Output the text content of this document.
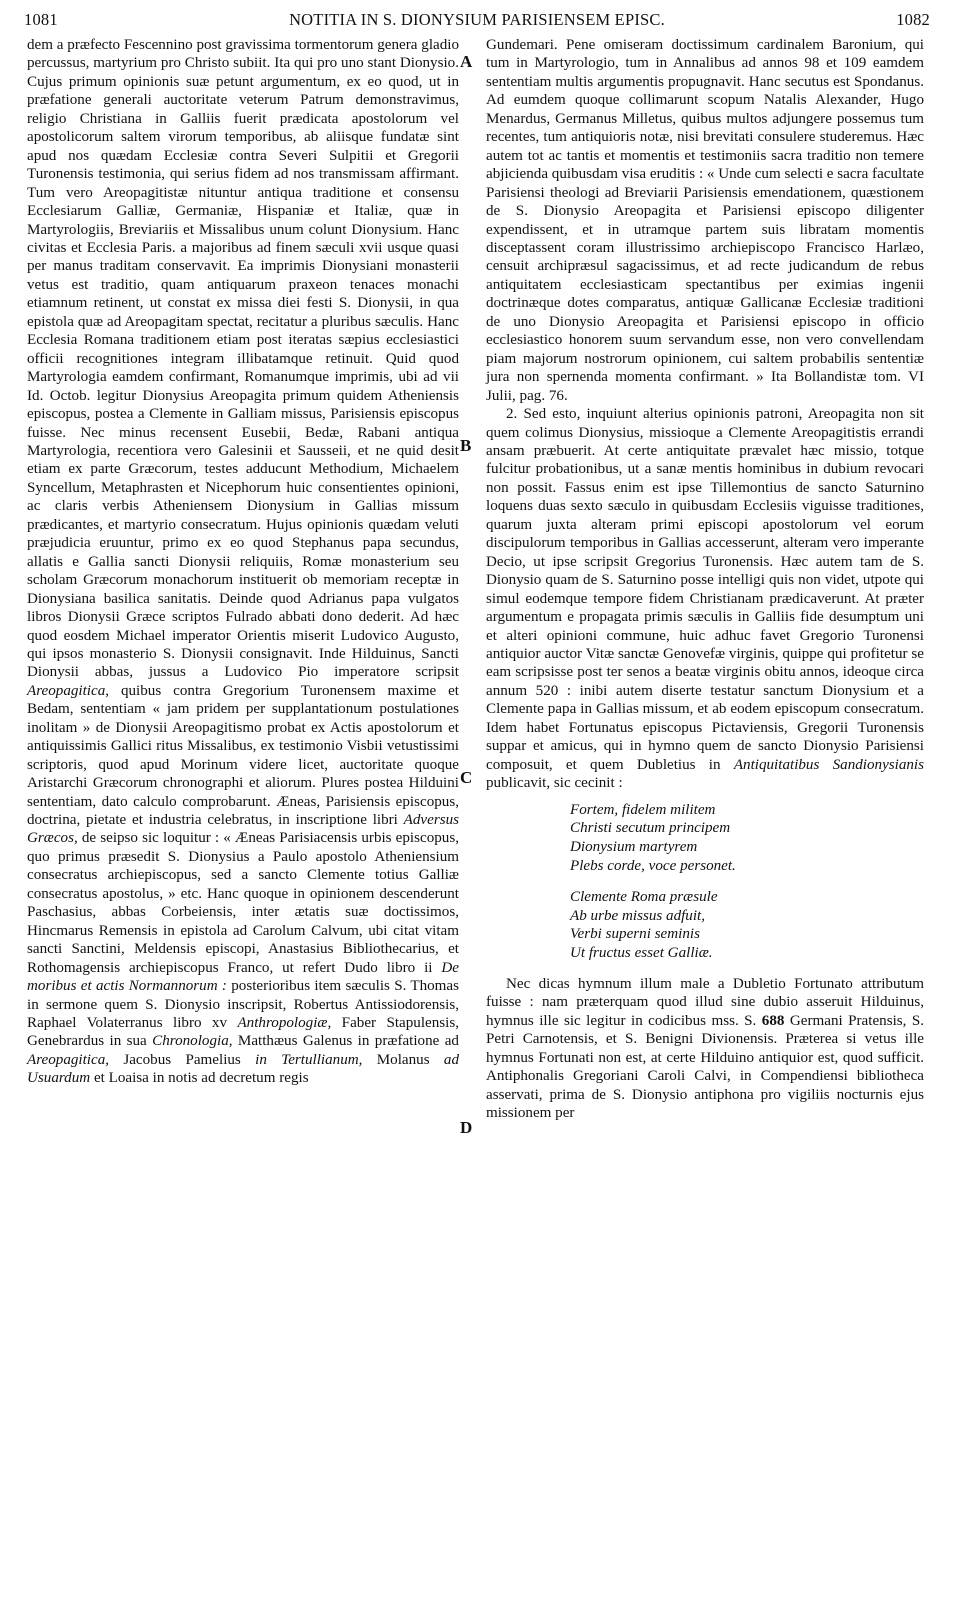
1081	NOTITIA IN S. DIONYSIUM PARISIENSEM EPISC.	1082
A
B
C
D

dem a præfecto Fescennino post gravissima tormentorum genera gladio percussus, martyrium pro Christo subiit. Ita qui pro uno stant Dionysio. Cujus primum opinionis suæ petunt argumentum, ex eo quod, ut in præfatione generali auctoritate veterum Patrum demonstravimus, religio Christiana in Galliis fuerit prædicata apostolorum vel apostolicorum saltem virorum temporibus, ab aliisque fundatæ sint apud nos quædam Ecclesiæ contra Severi Sulpitii et Gregorii Turonensis testimonia, qui serius fidem ad nos transmissam affirmant. Tum vero Areopagitistæ nituntur antiqua traditione et consensu Ecclesiarum Galliæ, Germaniæ, Hispaniæ et Italiæ, quæ in Martyrologiis, Breviariis et Missalibus unum colunt Dionysium. Hanc civitas et Ecclesia Paris. a majoribus ad finem sæculi xvii usque quasi per manus traditam conservavit. Ea imprimis Dionysiani monasterii vetus est traditio, quam antiquarum praxeon tenaces monachi etiamnum retinent, ut constat ex missa diei festi S. Dionysii, in qua epistola quæ ad Areopagitam spectat, recitatur a pluribus sæculis. Hanc Ecclesia Romana traditionem etiam post iteratas sæpius ecclesiastici officii recognitiones integram illibatamque retinuit. Quid quod Martyrologia eamdem confirmant, Romanumque imprimis, ubi ad vii Id. Octob. legitur Dionysius Areopagita primum quidem Atheniensis episcopus, postea a Clemente in Galliam missus, Parisiensis episcopus fuisse. Nec minus recensent Eusebii, Bedæ, Rabani antiqua Martyrologia, recentiora vero Galesinii et Sausseii, et ne quid desit etiam ex parte Græcorum, testes adducunt Methodium, Michaelem Syncellum, Metaphrasten et Nicephorum huic consentientes opinioni, ac claris verbis Atheniensem Dionysium in Gallias missum prædicantes, et martyrio consecratum. Hujus opinionis quædam veluti præjudicia eruuntur, primo ex eo quod Stephanus papa secundus, allatis e Gallia sancti Dionysii reliquiis, Romæ monasterium seu scholam Græcorum monachorum instituerit ob memoriam receptæ in Dionysiana basilica sanitatis. Deinde quod Adrianus papa vulgatos libros Dionysii Græce scriptos Fulrado abbati dono dederit. Ad hæc quod eosdem Michael imperator Orientis miserit Ludovico Augusto, qui ipsos monasterio S. Dionysii consignavit. Inde Hilduinus, Sancti Dionysii abbas, jussus a Ludovico Pio imperatore scripsit Areopagitica, quibus contra Gregorium Turonensem maxime et Bedam, sententiam « jam pridem per supplantationum postulationes inolitam » de Dionysii Areopagitismo probat ex Actis apostolorum et antiquissimis Gallici ritus Missalibus, ex testimonio Visbii vetustissimi scriptoris, quod apud Morinum videre licet, auctoritate quoque Aristarchi Græcorum chronographi et aliorum. Plures postea Hilduini sententiam, dato calculo comprobarunt. Æneas, Parisiensis episcopus, doctrina, pietate et industria celebratus, in inscriptione libri Adversus Græcos, de seipso sic loquitur : « Æneas Parisiacensis urbis episcopus, quo primus præsedit S. Dionysius a Paulo apostolo Atheniensium consecratus archiepiscopus, sed a sancto Clemente totius Galliæ consecratus apostolus, » etc. Hanc quoque in opinionem descenderunt Paschasius, abbas Corbeiensis, inter ætatis suæ doctissimos, Hincmarus Remensis in epistola ad Carolum Calvum, ubi citat vitam sancti Sanctini, Meldensis episcopi, Anastasius Bibliothecarius, et Rothomagensis archiepiscopus Franco, ut refert Dudo libro ii De moribus et actis Normannorum : posterioribus item sæculis S. Thomas in sermone quem S. Dionysio inscripsit, Robertus Antissiodorensis, Raphael Volaterranus libro xv Anthropologiæ, Faber Stapulensis, Genebrardus in sua Chronologia, Matthæus Galenus in præfatione ad Areopagitica, Jacobus Pamelius in Tertullianum, Molanus ad Usuardum et Loaisa in notis ad decretum regis

Gundemari. Pene omiseram doctissimum cardinalem Baronium, qui tum in Martyrologio, tum in Annalibus ad annos 98 et 109 eamdem sententiam multis argumentis propugnavit. Hanc secutus est Spondanus. Ad eumdem quoque collimarunt scopum Natalis Alexander, Hugo Menardus, Germanus Milletus, quibus multos adjungere possemus tum recentes, tum antiquioris notæ, nisi brevitati consulere studeremus. Hæc autem tot ac tantis et momentis et testimoniis sacra traditio non temere abjicienda quibusdam visa eruditis : « Unde cum selecti e sacra facultate Parisiensi theologi ad Breviarii Parisiensis emendationem, quæstionem de S. Dionysio Areopagita et Parisiensi episcopo diligenter expendissent, et in utramque partem suis libratam momentis disceptassent coram illustrissimo archiepiscopo Francisco Harlæo, censuit archipræsul sagacissimus, et ad recte judicandum de rebus antiquitatem ecclesiasticam spectantibus per eximias ingenii doctrinæque dotes comparatus, antiquæ Gallicanæ Ecclesiæ traditioni de uno Dionysio Areopagita et Parisiensi episcopo in officio ecclesiastico honorem suum servandum esse, non vero convellendam piam majorum nostrorum opinionem, cui saltem probabilis sententiæ jura non spernenda momenta confirmant. » Ita Bollandistæ tom. VI Julii, pag. 76.

2. Sed esto, inquiunt alterius opinionis patroni, Areopagita non sit quem colimus Dionysius, missioque a Clemente Areopagitistis errandi ansam præbuerit. At certe antiquitate prævalet hæc missio, totque fulcitur probationibus, ut a sanæ mentis hominibus in dubium revocari non possit. Fassus enim est ipse Tillemontius de sancto Saturnino loquens duas sexto sæculo in quibusdam Ecclesiis viguisse traditiones, quarum juxta alteram primi episcopi apostolorum vel eorum discipulorum temporibus in Gallias accesserunt, alteram vero imperante Decio, ut ipse scripsit Gregorius Turonensis. Hæc autem tam de S. Dionysio quam de S. Saturnino posse intelligi quis non videt, utpote qui simul eodemque tempore fidem Christianam prædicaverunt. At præter argumentum e propagata primis sæculis in Galliis fide desumptum uni et alteri opinioni commune, huic adhuc favet Gregorio Turonensi antiquior auctor Vitæ sanctæ Genovefæ virginis, quippe qui profitetur se eam scripsisse post ter senos a beatæ virginis obitu annos, ideoque circa annum 520 : inibi autem diserte testatur sanctum Dionysium et a Clemente papa in Gallias missum, et ab eodem episcopum consecratum. Idem habet Fortunatus episcopus Pictaviensis, Gregorii Turonensis suppar et amicus, qui in hymno quem de sancto Dionysio Parisiensi composuit, et quem Dubletius in Antiquitatibus Sandionysianis publicavit, sic cecinit :

Fortem, fidelem militem
Christi secutum principem
Dionysium martyrem
Plebs corde, voce personet.
Clemente Roma præsule
Ab urbe missus adfuit,
Verbi superni seminis
Ut fructus esset Galliæ.

Nec dicas hymnum illum male a Dubletio Fortunato attributum fuisse : nam præterquam quod illud sine dubio asseruit Hilduinus, hymnus ille sic legitur in codicibus mss. S. 688 Germani Pratensis, S. Petri Carnotensis, et S. Benigni Divionensis. Præterea si vetus ille hymnus Fortunati non est, at certe Hilduino antiquior est, quod sufficit. Antiphonalis Gregoriani Caroli Calvi, in Compendiensi bibliotheca asservati, prima de S. Dionysio antiphona pro vigiliis nocturnis ejus missionem per
